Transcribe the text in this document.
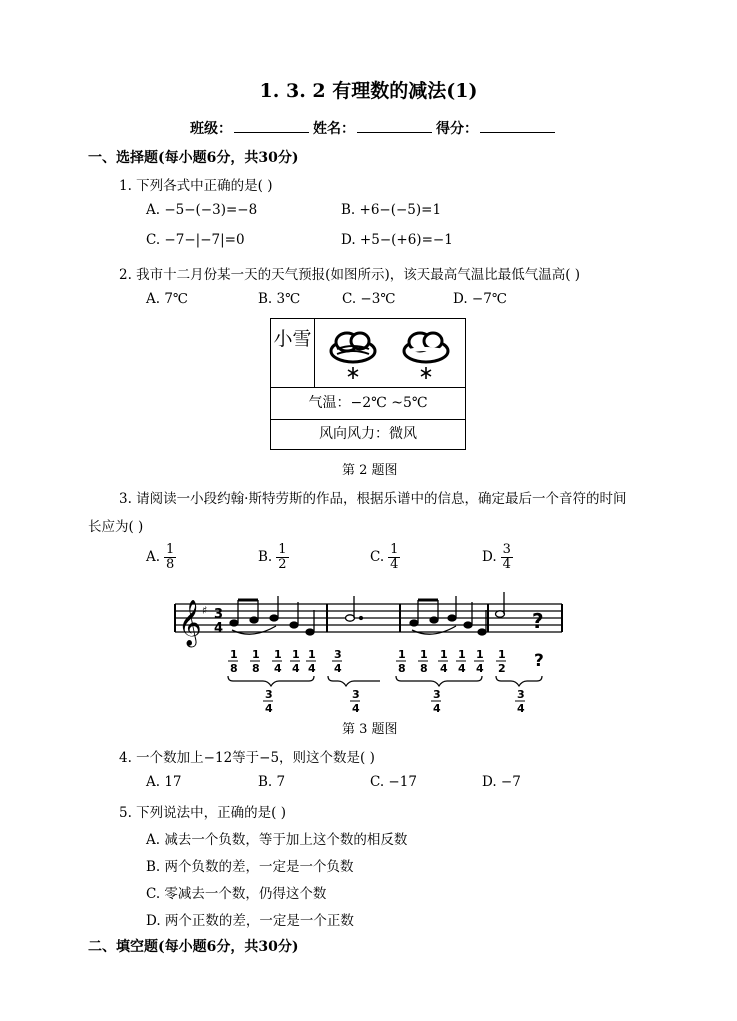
1. 3. 2 有理数的减法(1)
班级：	姓名：	得分：
一、选择题(每小题6分，共30分)
1. 下列各式中正确的是( )
A. −5−(−3)=−8	B. +6−(−5)=1
C. −7−|−7|=0	D. +5−(+6)=−1
2. 我市十二月份某一天的天气预报(如图所示)，该天最高气温比最低气温高( )
A. 7℃	B. 3℃	C. −3℃	D. −7℃
小雪
气温：−2℃ ~5℃
风向风力：微风
第 2 题图
3. 请阅读一小段约翰·斯特劳斯的作品，根据乐谱中的信息，确定最后一个音符的时间
长应为( )
A. $\frac{1}{8}$	B. $\frac{1}{2}$	C. $\frac{1}{4}$	D. $\frac{3}{4}$
𝄞 ♯ 3
4	?
1
8
1
8
1
4
1
4
1
4
3
4
1
8
1
8
1
4
1
4
1
4
1
2 ?
3
4
3
4
3
4
3
4
第 3 题图
4. 一个数加上−12等于−5，则这个数是( )
A. 17	B. 7	C. −17	D. −7
5. 下列说法中，正确的是( )
A. 减去一个负数，等于加上这个数的相反数
B. 两个负数的差，一定是一个负数
C. 零减去一个数，仍得这个数
D. 两个正数的差，一定是一个正数
二、填空题(每小题6分，共30分)
